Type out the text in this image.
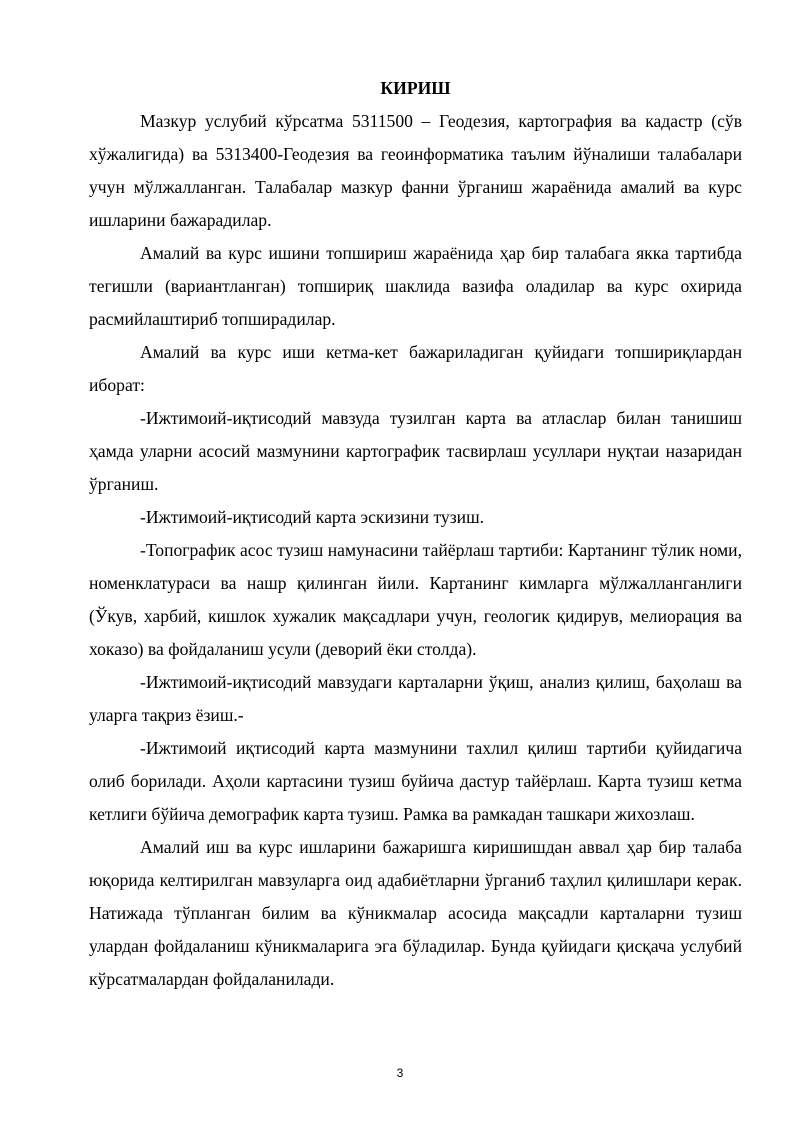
КИРИШ

Мазкур услубий кўрсатма 5311500 – Геодезия, картография ва кадастр (сўв хўжалигида) ва 5313400-Геодезия ва геоинформатика таълим йўналиши талабалари учун мўлжалланган. Талабалар мазкур фанни ўрганиш жараёнида амалий ва курс ишларини бажарадилар.

Амалий ва курс ишини топшириш жараёнида ҳар бир талабага якка тартибда тегишли (вариантланган) топшириқ шаклида вазифа оладилар ва курс охирида расмийлаштириб топширадилар.

Амалий ва курс иши кетма-кет бажариладиган қуйидаги топшириқлардан иборат:

-Ижтимоий-иқтисодий мавзуда тузилган карта ва атласлар билан танишиш ҳамда уларни асосий мазмунини картографик тасвирлаш усуллари нуқтаи назаридан ўрганиш.

-Ижтимоий-иқтисодий карта эскизини тузиш.

-Топографик асос тузиш намунасини тайёрлаш тартиби: Картанинг тўлик номи, номенклатураси ва нашр қилинган йили. Картанинг кимларга мўлжалланганлиги (Ўкув, харбий, кишлок хужалик мақсадлари учун, геологик қидирув, мелиорация ва хоказо) ва фойдаланиш усули (деворий ёки столда).

-Ижтимоий-иқтисодий мавзудаги карталарни ўқиш, анализ қилиш, баҳолаш ва уларга тақриз ёзиш.-

-Ижтимоий иқтисодий карта мазмунини тахлил қилиш тартиби қуйидагича олиб борилади. Аҳоли картасини тузиш буйича дастур тайёрлаш. Карта тузиш кетма кетлиги бўйича демографик карта тузиш. Рамка ва рамкадан ташкари жихозлаш.

Амалий иш ва курс ишларини бажаришга киришишдан аввал ҳар бир талаба юқорида келтирилган мавзуларга оид адабиётларни ўрганиб таҳлил қилишлари керак. Натижада тўпланган билим ва кўникмалар асосида мақсадли карталарни тузиш улардан фойдаланиш кўникмаларига эга бўладилар. Бунда қуйидаги қисқача услубий кўрсатмалардан фойдаланилади.

3
